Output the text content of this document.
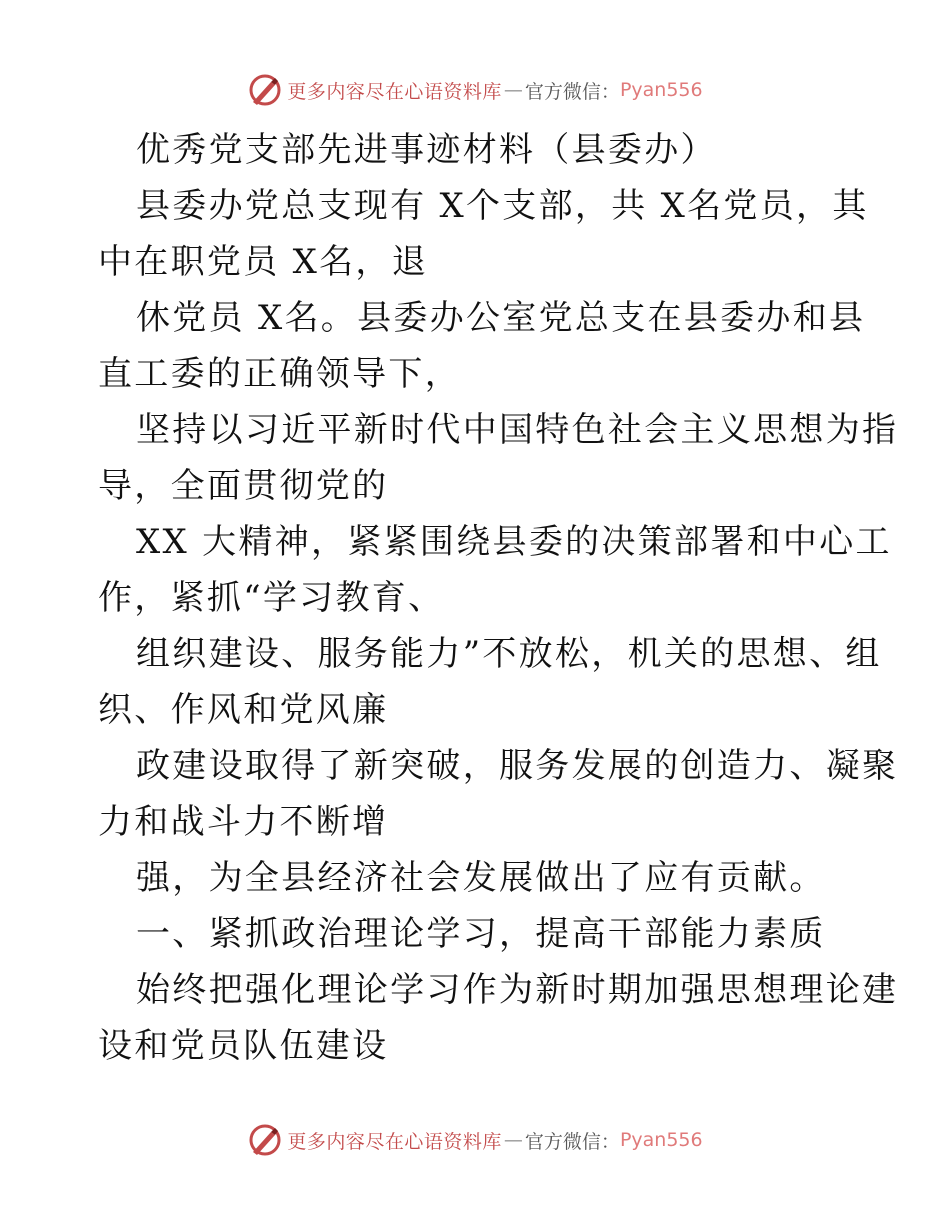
更多内容尽在心语资料库 — 官方微信： Pyan556
优秀党支部先进事迹材料（县委办）
县委办党总支现有 X个支部，共 X名党员，其
中在职党员 X名，退
休党员 X名。县委办公室党总支在县委办和县
直工委的正确领导下，
坚持以习近平新时代中国特色社会主义思想为指
导，全面贯彻党的
XX 大精神，紧紧围绕县委的决策部署和中心工
作，紧抓“学习教育、
组织建设、服务能力”不放松，机关的思想、组
织、作风和党风廉
政建设取得了新突破，服务发展的创造力、凝聚
力和战斗力不断增
强，为全县经济社会发展做出了应有贡献。
一、紧抓政治理论学习，提高干部能力素质
始终把强化理论学习作为新时期加强思想理论建
设和党员队伍建设
更多内容尽在心语资料库 — 官方微信： Pyan556
